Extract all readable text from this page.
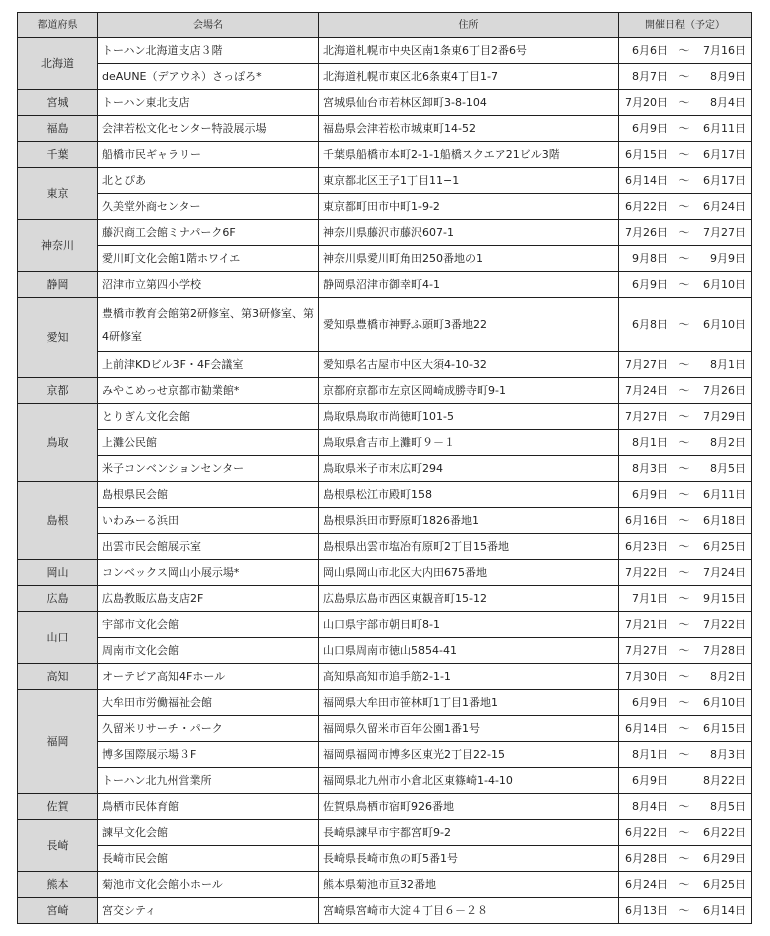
都道府県	会場名	住所	開催日程（予定）
北海道	トーハン北海道支店３階	北海道札幌市中央区南1条東6丁目2番6号	6月6日 ～ 7月16日
	deAUNE（デアウネ）さっぽろ*	北海道札幌市東区北6条東4丁目1-7	8月7日 ～ 8月9日
宮城	トーハン東北支店	宮城県仙台市若林区卸町3-8-104	7月20日 ～ 8月4日
福島	会津若松文化センター特設展示場	福島県会津若松市城東町14-52	6月9日 ～ 6月11日
千葉	船橋市民ギャラリー	千葉県船橋市本町2-1-1船橋スクエア21ビル3階	6月15日 ～ 6月17日
東京	北とぴあ	東京都北区王子1丁目11−1	6月14日 ～ 6月17日
	久美堂外商センター	東京都町田市中町1-9-2	6月22日 ～ 6月24日
神奈川	藤沢商工会館ミナパーク6F	神奈川県藤沢市藤沢607-1	7月26日 ～ 7月27日
	愛川町文化会館1階ホワイエ	神奈川県愛川町角田250番地の1	9月8日 ～ 9月9日
静岡	沼津市立第四小学校	静岡県沼津市御幸町4-1	6月9日 ～ 6月10日
愛知	豊橋市教育会館第2研修室、第3研修室、第4研修室	愛知県豊橋市神野ふ頭町3番地22	6月8日 ～ 6月10日
	上前津KDビル3F・4F会議室	愛知県名古屋市中区大須4-10-32	7月27日 ～ 8月1日
京都	みやこめっせ京都市勧業館*	京都府京都市左京区岡崎成勝寺町9-1	7月24日 ～ 7月26日
鳥取	とりぎん文化会館	鳥取県鳥取市尚徳町101-5	7月27日 ～ 7月29日
	上灘公民館	鳥取県倉吉市上灘町９－１	8月1日 ～ 8月2日
	米子コンベンションセンター	鳥取県米子市末広町294	8月3日 ～ 8月5日
島根	島根県民会館	島根県松江市殿町158	6月9日 ～ 6月11日
	いわみーる浜田	島根県浜田市野原町1826番地1	6月16日 ～ 6月18日
	出雲市民会館展示室	島根県出雲市塩冶有原町2丁目15番地	6月23日 ～ 6月25日
岡山	コンベックス岡山小展示場*	岡山県岡山市北区大内田675番地	7月22日 ～ 7月24日
広島	広島教販広島支店2F	広島県広島市西区東観音町15-12	7月1日 ～ 9月15日
山口	宇部市文化会館	山口県宇部市朝日町8-1	7月21日 ～ 7月22日
	周南市文化会館	山口県周南市徳山5854-41	7月27日 ～ 7月28日
高知	オーテピア高知4Fホール	高知県高知市追手筋2-1-1	7月30日 ～ 8月2日
福岡	大牟田市労働福祉会館	福岡県大牟田市笹林町1丁目1番地1	6月9日 ～ 6月10日
	久留米リサーチ・パーク	福岡県久留米市百年公園1番1号	6月14日 ～ 6月15日
	博多国際展示場３F	福岡県福岡市博多区東光2丁目22-15	8月1日 ～ 8月3日
	トーハン北九州営業所	福岡県北九州市小倉北区東篠崎1-4-10	6月9日 8月22日
佐賀	鳥栖市民体育館	佐賀県鳥栖市宿町926番地	8月4日 ～ 8月5日
長崎	諫早文化会館	長崎県諫早市宇都宮町9-2	6月22日 ～ 6月22日
	長崎市民会館	長崎県長崎市魚の町5番1号	6月28日 ～ 6月29日
熊本	菊池市文化会館小ホール	熊本県菊池市亘32番地	6月24日 ～ 6月25日
宮崎	宮交シティ	宮崎県宮崎市大淀４丁目６－２８	6月13日 ～ 6月14日
